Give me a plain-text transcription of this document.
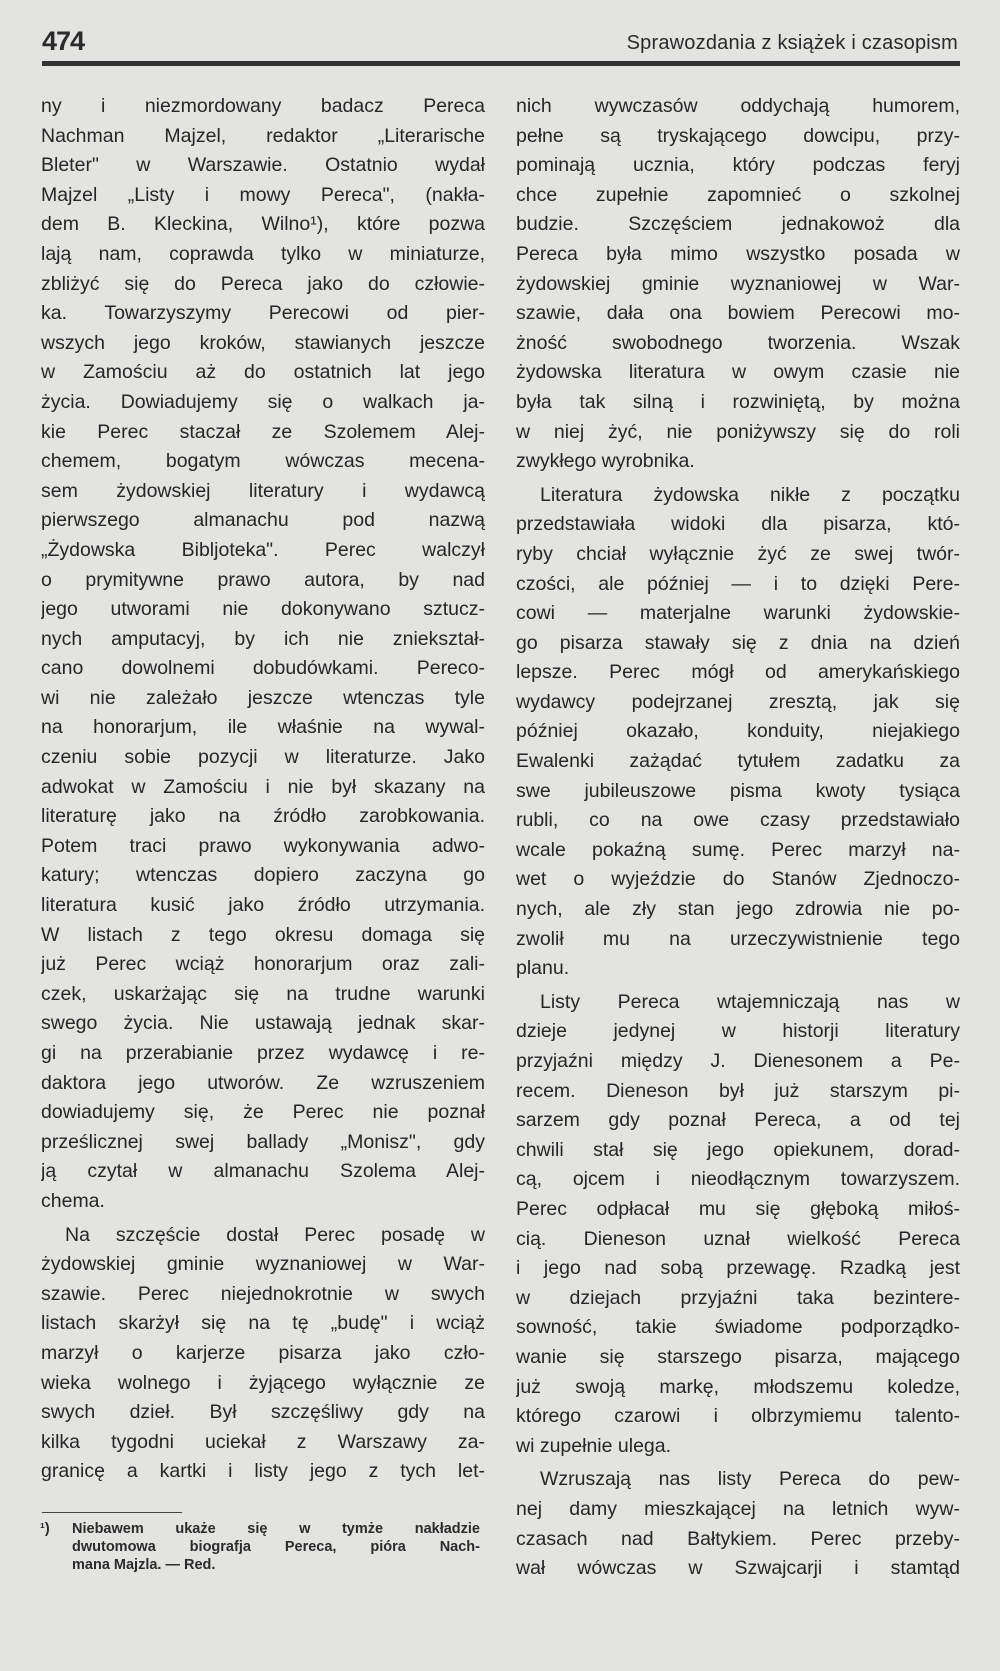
474	Sprawozdania z książek i czasopism
ny i niezmordowany badacz Pereca
Nachman Majzel, redaktor „Literarische
Bleter" w Warszawie. Ostatnio wydał
Majzel „Listy i mowy Pereca", (nakła-
dem B. Kleckina, Wilno¹), które pozwa
lają nam, coprawda tylko w miniaturze,
zbliżyć się do Pereca jako do człowie-
ka. Towarzyszymy Perecowi od pier-
wszych jego kroków, stawianych jeszcze
w Zamościu aż do ostatnich lat jego
życia. Dowiadujemy się o walkach ja-
kie Perec staczał ze Szolemem Alej-
chemem, bogatym wówczas mecena-
sem żydowskiej literatury i wydawcą
pierwszego almanachu pod nazwą
„Żydowska Bibljoteka". Perec walczył
o prymitywne prawo autora, by nad
jego utworami nie dokonywano sztucz-
nych amputacyj, by ich nie zniekształ-
cano dowolnemi dobudówkami. Pereco-
wi nie zależało jeszcze wtenczas tyle
na honorarjum, ile właśnie na wywal-
czeniu sobie pozycji w literaturze. Jako
adwokat w Zamościu i nie był skazany na
literaturę jako na źródło zarobkowania.
Potem traci prawo wykonywania adwo-
katury; wtenczas dopiero zaczyna go
literatura kusić jako źródło utrzymania.
W listach z tego okresu domaga się
już Perec wciąż honorarjum oraz zali-
czek, uskarżając się na trudne warunki
swego życia. Nie ustawają jednak skar-
gi na przerabianie przez wydawcę i re-
daktora jego utworów. Ze wzruszeniem
dowiadujemy się, że Perec nie poznał
prześlicznej swej ballady „Monisz", gdy
ją czytał w almanachu Szolema Alej-
chema.
Na szczęście dostał Perec posadę w
żydowskiej gminie wyznaniowej w War-
szawie. Perec niejednokrotnie w swych
listach skarżył się na tę „budę" i wciąż
marzył o karjerze pisarza jako czło-
wieka wolnego i żyjącego wyłącznie ze
swych dzieł. Był szczęśliwy gdy na
kilka tygodni uciekał z Warszawy za-
granicę a kartki i listy jego z tych let-
nich wywczasów oddychają humorem,
pełne są tryskającego dowcipu, przy-
pominają ucznia, który podczas feryj
chce zupełnie zapomnieć o szkolnej
budzie. Szczęściem jednakowoż dla
Pereca była mimo wszystko posada w
żydowskiej gminie wyznaniowej w War-
szawie, dała ona bowiem Perecowi mo-
żność swobodnego tworzenia. Wszak
żydowska literatura w owym czasie nie
była tak silną i rozwiniętą, by można
w niej żyć, nie poniżywszy się do roli
zwykłego wyrobnika.
Literatura żydowska nikłe z początku
przedstawiała widoki dla pisarza, któ-
ryby chciał wyłącznie żyć ze swej twór-
czości, ale później — i to dzięki Pere-
cowi — materjalne warunki żydowskie-
go pisarza stawały się z dnia na dzień
lepsze. Perec mógł od amerykańskiego
wydawcy podejrzanej zresztą, jak się
później okazało, konduity, niejakiego
Ewalenki zażądać tytułem zadatku za
swe jubileuszowe pisma kwoty tysiąca
rubli, co na owe czasy przedstawiało
wcale pokaźną sumę. Perec marzył na-
wet o wyjeździe do Stanów Zjednoczo-
nych, ale zły stan jego zdrowia nie po-
zwolił mu na urzeczywistnienie tego
planu.
Listy Pereca wtajemniczają nas w
dzieje jedynej w historji literatury
przyjaźni między J. Dienesonem a Pe-
recem. Dieneson był już starszym pi-
sarzem gdy poznał Pereca, a od tej
chwili stał się jego opiekunem, dorad-
cą, ojcem i nieodłącznym towarzyszem.
Perec odpłacał mu się głęboką miłoś-
cią. Dieneson uznał wielkość Pereca
i jego nad sobą przewagę. Rzadką jest
w dziejach przyjaźni taka bezintere-
sowność, takie świadome podporządko-
wanie się starszego pisarza, mającego
już swoją markę, młodszemu koledze,
którego czarowi i olbrzymiemu talento-
wi zupełnie ulega.
Wzruszają nas listy Pereca do pew-
nej damy mieszkającej na letnich wyw-
czasach nad Bałtykiem. Perec przeby-
wał wówczas w Szwajcarji i stamtąd
¹) Niebawem ukaże się w tymże nakładzie
dwutomowa biografja Pereca, pióra Nach-
mana Majzla. — Red.
